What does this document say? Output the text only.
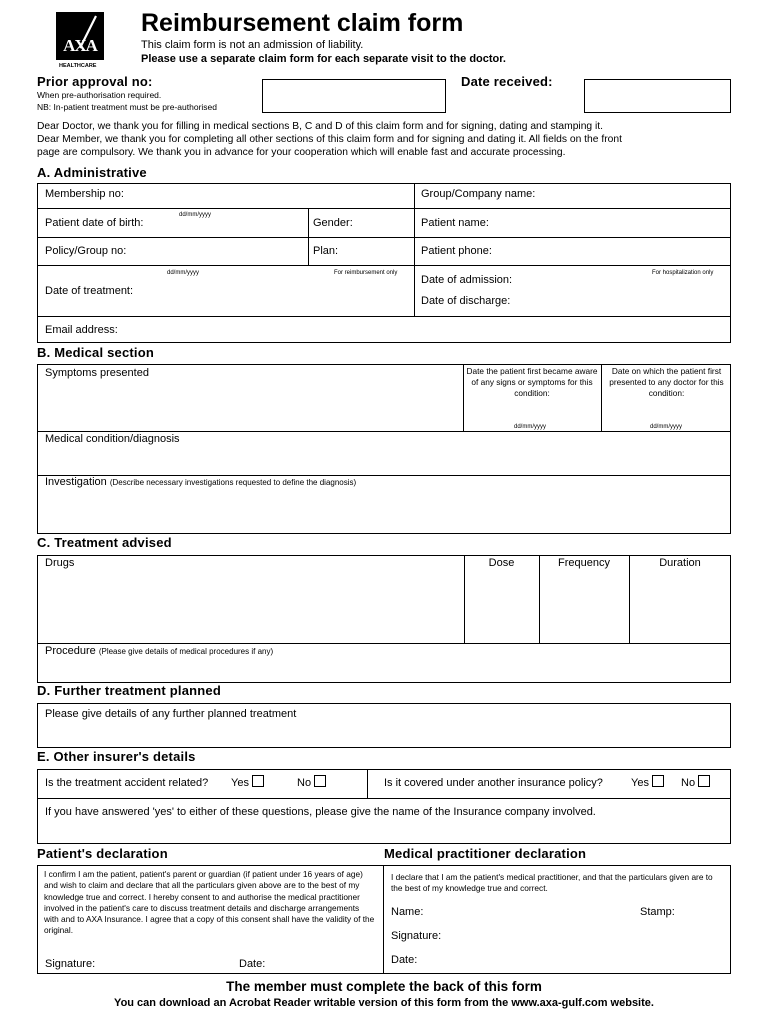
AXA
HEALTHCARE
Reimbursement claim form
This claim form is not an admission of liability.
Please use a separate claim form for each separate visit to the doctor.
Prior approval no:
When pre-authorisation required.
NB: In-patient treatment must be pre-authorised
Date received:
Dear Doctor, we thank you for filling in medical sections B, C and D of this claim form and for signing, dating and stamping it.
Dear Member, we thank you for completing all other sections of this claim form and for signing and dating it. All fields on the front
page are compulsory. We thank you in advance for your cooperation which will enable fast and accurate processing.
A. Administrative
Membership no:	Group/Company name:
dd/mm/yyyy
Patient date of birth:	Gender:	Patient name:
Policy/Group no:	Plan:	Patient phone:
dd/mm/yyyy	For reimbursement only	For hospitalization only
Date of treatment:
Date of admission:
Date of discharge:
Email address:
B. Medical section
Symptoms presented	Date the patient first became aware of any signs or symptoms for this condition:
Date on which the patient first presented to any doctor for this condition:
dd/mm/yyyy	dd/mm/yyyy
Medical condition/diagnosis
Investigation (Describe necessary investigations requested to define the diagnosis)
C. Treatment advised
Drugs	Dose	Frequency	Duration
Procedure (Please give details of medical procedures if any)
D. Further treatment planned
Please give details of any further planned treatment
E. Other insurer's details
Is the treatment accident related? Yes	No	Is it covered under another insurance policy?	Yes	No
If you have answered 'yes' to either of these questions, please give the name of the Insurance company involved.
Patient's declaration	Medical practitioner declaration
I confirm I am the patient, patient's parent or guardian (if patient under 16 years of age) and wish to claim and declare that all the particulars given above are to the best of my knowledge true and correct. I hereby consent to and authorise the medical practitioner involved in the patient's care to discuss treatment details and discharge arrangements with and to AXA Insurance. I agree that a copy of this consent shall have the validity of the original.
Signature:	Date:
I declare that I am the patient's medical practitioner, and that the particulars given are to the best of my knowledge true and correct.
Name:	Stamp:
Signature:
Date:
The member must complete the back of this form
You can download an Acrobat Reader writable version of this form from the www.axa-gulf.com website.
